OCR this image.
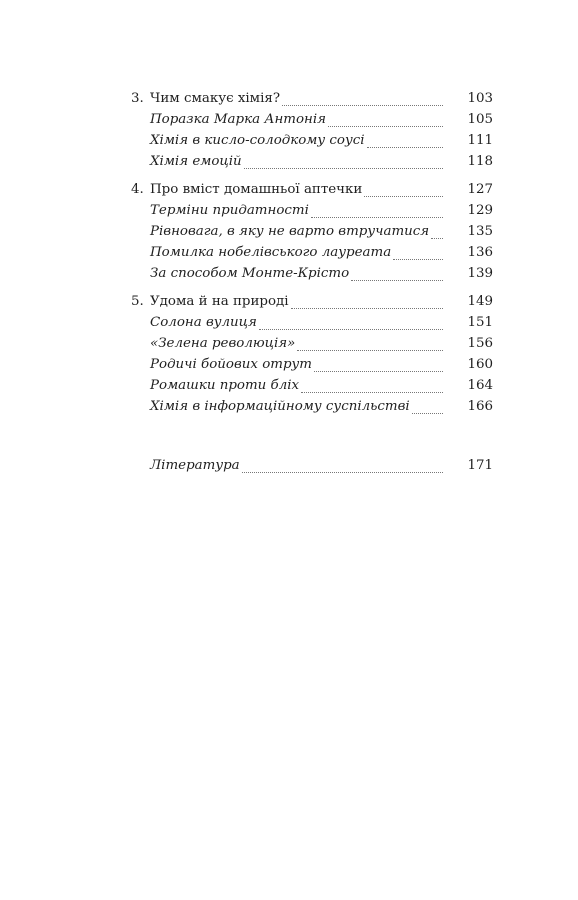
3. Чим смакує хімія?	103
Поразка Марка Антонія	105
Хімія в кисло-солодкому соусі	111
Хімія емоцій	118
4. Про вміст домашньої аптечки	127
Терміни придатності	129
Рівновага, в яку не варто втручатися	135
Помилка нобелівського лауреата	136
За способом Монте-Крісто	139
5. Удома й на природі	149
Солона вулиця	151
«Зелена революція»	156
Родичі бойових отрут	160
Ромашки проти бліх	164
Хімія в інформаційному суспільстві	166
Література	171
